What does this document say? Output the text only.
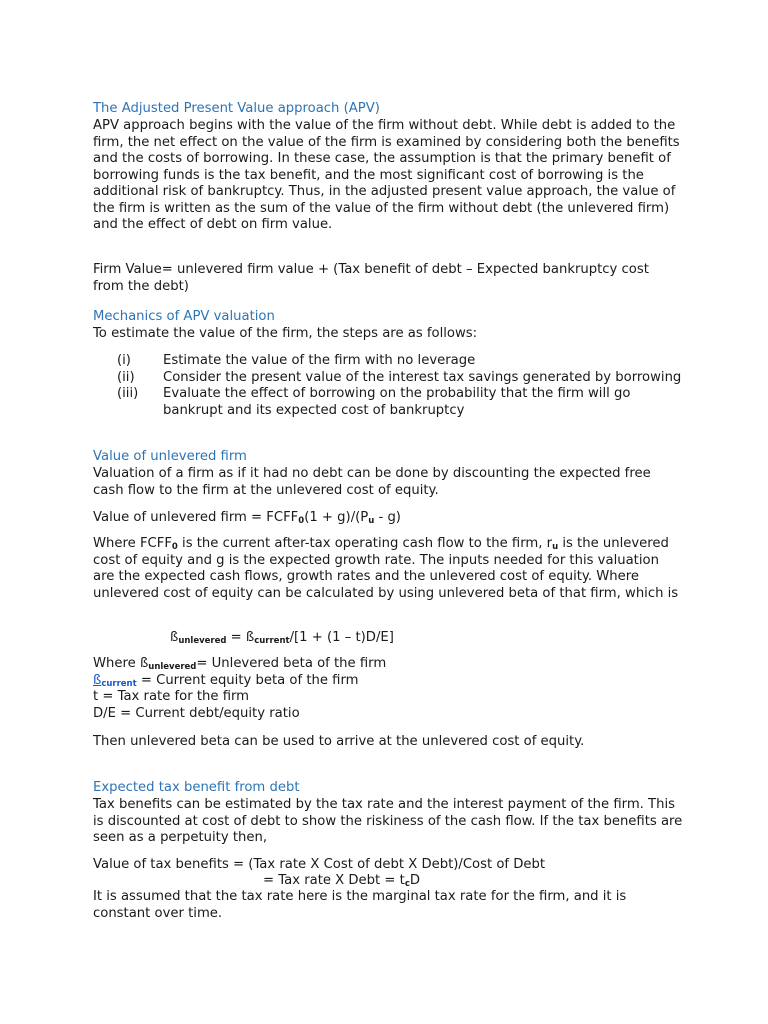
The Adjusted Present Value approach (APV)

APV approach begins with the value of the firm without debt. While debt is added to the firm, the net effect on the value of the firm is examined by considering both the benefits and the costs of borrowing. In these case, the assumption is that the primary benefit of borrowing funds is the tax benefit, and the most significant cost of borrowing is the additional risk of bankruptcy. Thus, in the adjusted present value approach, the value of the firm is written as the sum of the value of the firm without debt (the unlevered firm) and the effect of debt on firm value.

Firm Value= unlevered firm value + (Tax benefit of debt – Expected bankruptcy cost from the debt)

Mechanics of APV valuation

To estimate the value of the firm, the steps are as follows:

(i)	Estimate the value of the firm with no leverage
(ii)	Consider the present value of the interest tax savings generated by borrowing
(iii)	Evaluate the effect of borrowing on the probability that the firm will go bankrupt and its expected cost of bankruptcy

Value of unlevered firm

Valuation of a firm as if it had no debt can be done by discounting the expected free cash flow to the firm at the unlevered cost of equity.

Value of unlevered firm = $FCFF_0(1 + g)/(P_u - g)$

Where $FCFF_0$ is the current after-tax operating cash flow to the firm, $r_u$ is the unlevered cost of equity and g is the expected growth rate. The inputs needed for this valuation are the expected cash flows, growth rates and the unlevered cost of equity. Where unlevered cost of equity can be calculated by using unlevered beta of that firm, which is

$ß_{unlevered}$ = $ß_{current}/[1 + (1 - t)D/E]$

Where $ß_{unlevered}=$ Unlevered beta of the firm
$ß_{current}$ = Current equity beta of the firm
t = Tax rate for the firm
D/E = Current debt/equity ratio

Then unlevered beta can be used to arrive at the unlevered cost of equity.

Expected tax benefit from debt

Tax benefits can be estimated by the tax rate and the interest payment of the firm. This is discounted at cost of debt to show the riskiness of the cash flow. If the tax benefits are seen as a perpetuity then,

Value of tax benefits = (Tax rate X Cost of debt X Debt)/Cost of Debt

= Tax rate X Debt = $t_cD$

It is assumed that the tax rate here is the marginal tax rate for the firm, and it is constant over time.
